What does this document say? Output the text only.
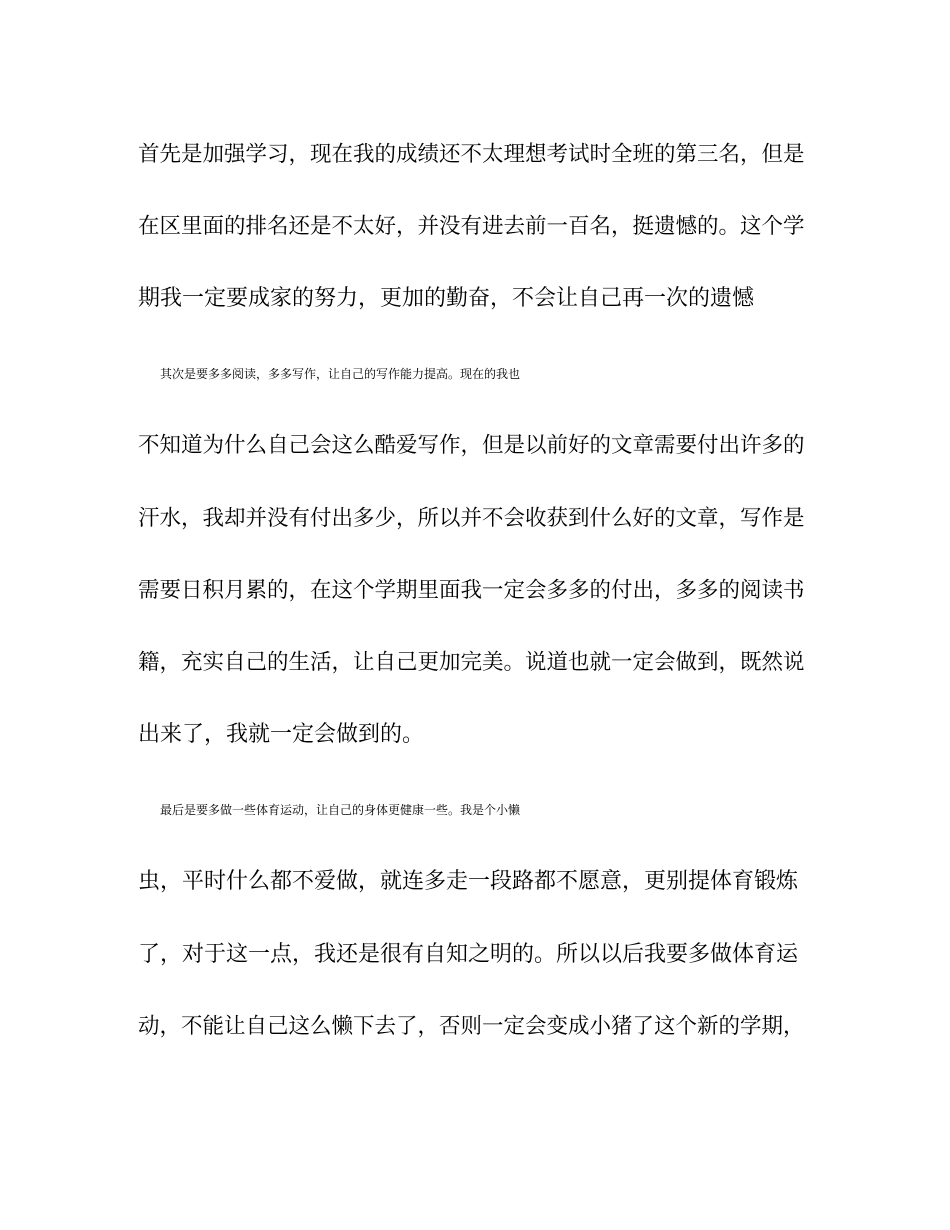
首先是加强学习，现在我的成绩还不太理想考试时全班的第三名，但是
在区里面的排名还是不太好，并没有进去前一百名，挺遗憾的。这个学
期我一定要成家的努力，更加的勤奋，不会让自己再一次的遗憾
其次是要多多阅读，多多写作，让自己的写作能力提高。现在的我也
不知道为什么自己会这么酷爱写作，但是以前好的文章需要付出许多的
汗水，我却并没有付出多少，所以并不会收获到什么好的文章，写作是
需要日积月累的，在这个学期里面我一定会多多的付出，多多的阅读书
籍，充实自己的生活，让自己更加完美。说道也就一定会做到，既然说
出来了，我就一定会做到的。
最后是要多做一些体育运动，让自己的身体更健康一些。我是个小懒
虫，平时什么都不爱做，就连多走一段路都不愿意，更别提体育锻炼
了，对于这一点，我还是很有自知之明的。所以以后我要多做体育运
动，不能让自己这么懒下去了，否则一定会变成小猪了这个新的学期，
